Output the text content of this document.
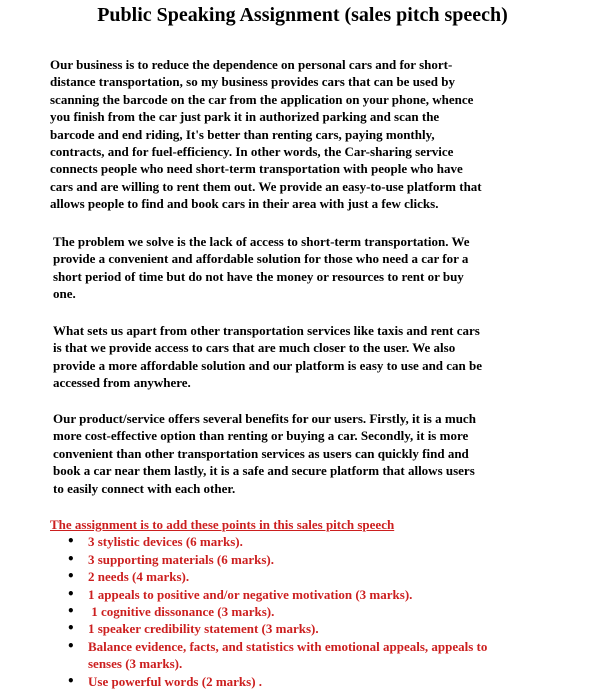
Public Speaking Assignment (sales pitch speech)
Our business is to reduce the dependence on personal cars and for short-
distance transportation, so my business provides cars that can be used by
scanning the barcode on the car from the application on your phone, whence
you finish from the car just park it in authorized parking and scan the
barcode and end riding, It's better than renting cars, paying monthly,
contracts, and for fuel-efficiency. In other words, the Car-sharing service
connects people who need short-term transportation with people who have
cars and are willing to rent them out. We provide an easy-to-use platform that
allows people to find and book cars in their area with just a few clicks.
The problem we solve is the lack of access to short-term transportation. We
provide a convenient and affordable solution for those who need a car for a
short period of time but do not have the money or resources to rent or buy
one.
What sets us apart from other transportation services like taxis and rent cars
is that we provide access to cars that are much closer to the user. We also
provide a more affordable solution and our platform is easy to use and can be
accessed from anywhere.
Our product/service offers several benefits for our users. Firstly, it is a much
more cost-effective option than renting or buying a car. Secondly, it is more
convenient than other transportation services as users can quickly find and
book a car near them lastly, it is a safe and secure platform that allows users
to easily connect with each other.
The assignment is to add these points in this sales pitch speech
• 3 stylistic devices (6 marks).
• 3 supporting materials (6 marks).
• 2 needs (4 marks).
• 1 appeals to positive and/or negative motivation (3 marks).
• 1 cognitive dissonance (3 marks).
• 1 speaker credibility statement (3 marks).
• Balance evidence, facts, and statistics with emotional appeals, appeals to
senses (3 marks).
• Use powerful words (2 marks) .
